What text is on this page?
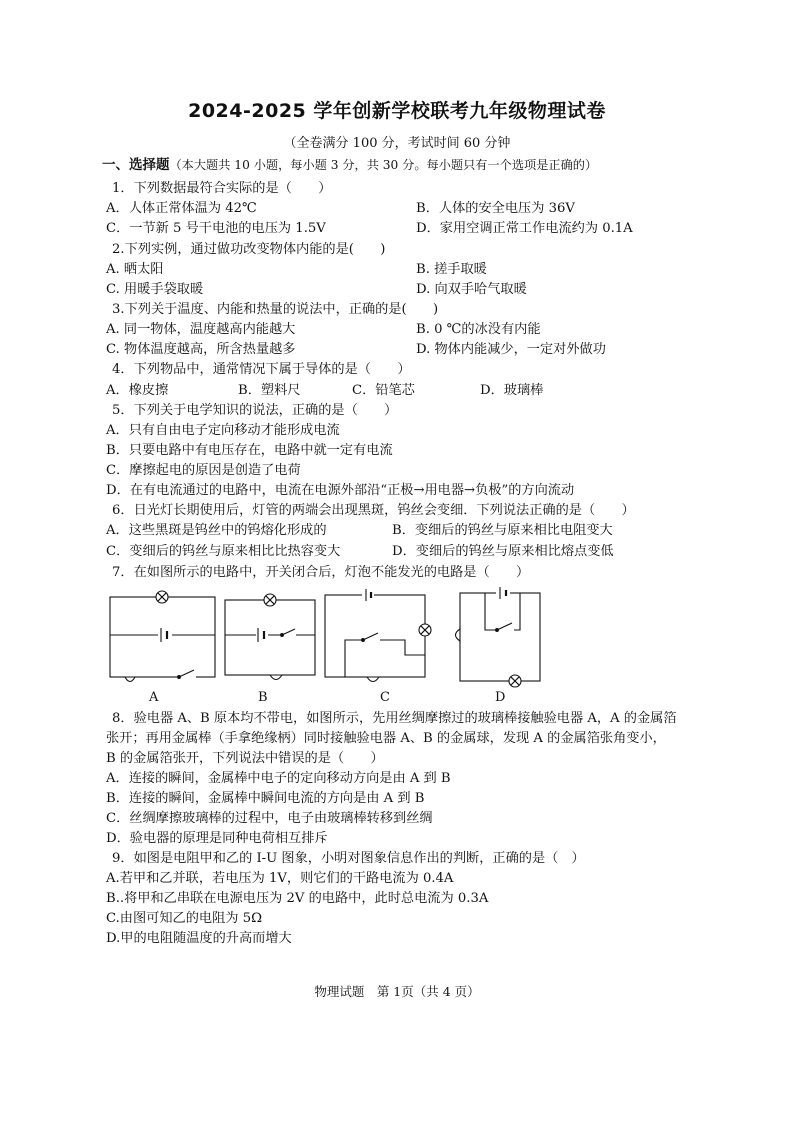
2024-2025 学年创新学校联考九年级物理试卷
（全卷满分 100 分，考试时间 60 分钟
一、选择题（本大题共 10 小题，每小题 3 分，共 30 分。每小题只有一个选项是正确的）
1．下列数据最符合实际的是（　　）
A．人体正常体温为 42℃	B．人体的安全电压为 36V
C．一节新 5 号干电池的电压为 1.5V	D．家用空调正常工作电流约为 0.1A
2.下列实例，通过做功改变物体内能的是(　　)
A. 晒太阳	B. 搓手取暖
C. 用暖手袋取暖	D. 向双手哈气取暖
3.下列关于温度、内能和热量的说法中，正确的是(　　)
A. 同一物体，温度越高内能越大	B. 0 ℃的冰没有内能
C. 物体温度越高，所含热量越多	D. 物体内能减少，一定对外做功
4．下列物品中，通常情况下属于导体的是（　　）
A．橡皮擦	B．塑料尺	C．铅笔芯	D．玻璃棒
5．下列关于电学知识的说法，正确的是（　　）
A．只有自由电子定向移动才能形成电流
B．只要电路中有电压存在，电路中就一定有电流
C．摩擦起电的原因是创造了电荷
D．在有电流通过的电路中，电流在电源外部沿“正极→用电器→负极”的方向流动
6．日光灯长期使用后，灯管的两端会出现黑斑，钨丝会变细．下列说法正确的是（　　）
A．这些黑斑是钨丝中的钨熔化形成的	B．变细后的钨丝与原来相比电阻变大
C．变细后的钨丝与原来相比比热容变大	D．变细后的钨丝与原来相比熔点变低
7．在如图所示的电路中，开关闭合后，灯泡不能发光的电路是（　　）
A	B	C	D
8．验电器 A、B 原本均不带电，如图所示，先用丝绸摩擦过的玻璃棒接触验电器 A，A 的金属箔
张开；再用金属棒（手拿绝缘柄）同时接触验电器 A、B 的金属球，发现 A 的金属箔张角变小，
B 的金属箔张开，下列说法中错误的是（　　）
A．连接的瞬间，金属棒中电子的定向移动方向是由 A 到 B
B．连接的瞬间，金属棒中瞬间电流的方向是由 A 到 B
C．丝绸摩擦玻璃棒的过程中，电子由玻璃棒转移到丝绸
D．验电器的原理是同种电荷相互排斥
9．如图是电阻甲和乙的 I-U 图象，小明对图象信息作出的判断，正确的是（　）
A.若甲和乙并联，若电压为 1V，则它们的干路电流为 0.4A
B..将甲和乙串联在电源电压为 2V 的电路中，此时总电流为 0.3A
C.由图可知乙的电阻为 5Ω
D.甲的电阻随温度的升高而增大
物理试题　第 1页（共 4 页）
